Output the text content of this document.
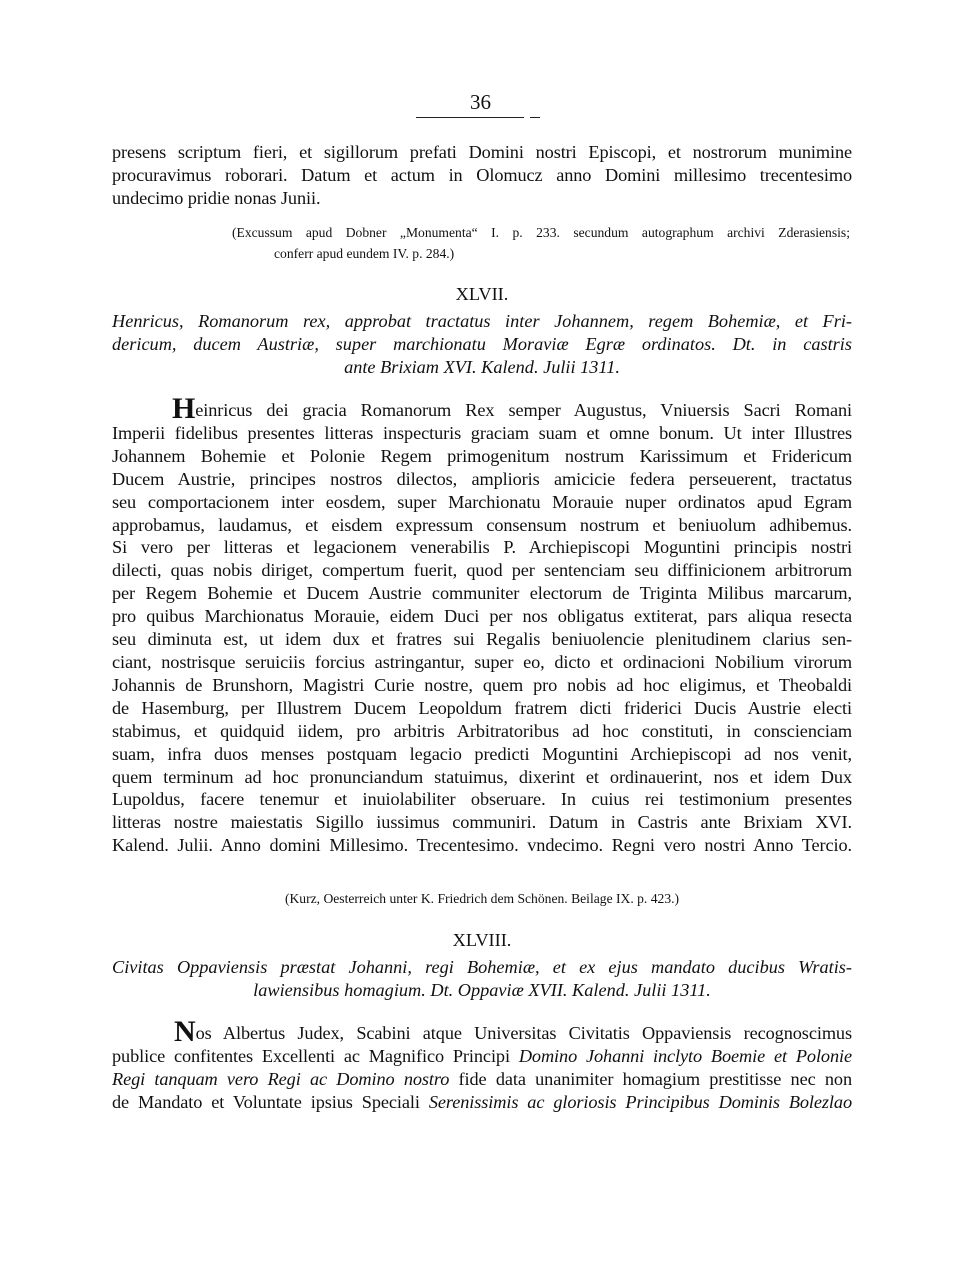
36
presens scriptum fieri, et sigillorum prefati Domini nostri Episcopi, et nostrorum munimine
procuravimus roborari. Datum et actum in Olomucz anno Domini millesimo trecentesimo
undecimo pridie nonas Junii.
(Excussum apud Dobner „Monumenta“ I. p. 233. secundum autographum archivi Zderasiensis;
conferr apud eundem IV. p. 284.)
XLVII.
Henricus, Romanorum rex, approbat tractatus inter Johannem, regem Bohemiæ, et Fri-
dericum, ducem Austriæ, super marchionatu Moraviæ Egræ ordinatos. Dt. in castris
ante Brixiam XVI. Kalend. Julii 1311.
Heinricus dei gracia Romanorum Rex semper Augustus, Vniuersis Sacri Romani
Imperii fidelibus presentes litteras inspecturis graciam suam et omne bonum. Ut inter Illustres
Johannem Bohemie et Polonie Regem primogenitum nostrum Karissimum et Fridericum
Ducem Austrie, principes nostros dilectos, amplioris amicicie federa perseuerent, tractatus
seu comportacionem inter eosdem, super Marchionatu Morauie nuper ordinatos apud Egram
approbamus, laudamus, et eisdem expressum consensum nostrum et beniuolum adhibemus.
Si vero per litteras et legacionem venerabilis P. Archiepiscopi Moguntini principis nostri
dilecti, quas nobis diriget, compertum fuerit, quod per sentenciam seu diffinicionem arbitrorum
per Regem Bohemie et Ducem Austrie communiter electorum de Triginta Milibus marcarum,
pro quibus Marchionatus Morauie, eidem Duci per nos obligatus extiterat, pars aliqua resecta
seu diminuta est, ut idem dux et fratres sui Regalis beniuolencie plenitudinem clarius sen-
ciant, nostrisque seruiciis forcius astringantur, super eo, dicto et ordinacioni Nobilium virorum
Johannis de Brunshorn, Magistri Curie nostre, quem pro nobis ad hoc eligimus, et Theobaldi
de Hasemburg, per Illustrem Ducem Leopoldum fratrem dicti friderici Ducis Austrie electi
stabimus, et quidquid iidem, pro arbitris Arbitratoribus ad hoc constituti, in conscienciam
suam, infra duos menses postquam legacio predicti Moguntini Archiepiscopi ad nos venit,
quem terminum ad hoc pronunciandum statuimus, dixerint et ordinauerint, nos et idem Dux
Lupoldus, facere tenemur et inuiolabiliter obseruare. In cuius rei testimonium presentes
litteras nostre maiestatis Sigillo iussimus communiri. Datum in Castris ante Brixiam XVI.
Kalend. Julii. Anno domini Millesimo. Trecentesimo. vndecimo. Regni vero nostri Anno Tercio.
(Kurz, Oesterreich unter K. Friedrich dem Schönen. Beilage IX. p. 423.)
XLVIII.
Civitas Oppaviensis præstat Johanni, regi Bohemiæ, et ex ejus mandato ducibus Wratis-
lawiensibus homagium. Dt. Oppaviæ XVII. Kalend. Julii 1311.
Nos Albertus Judex, Scabini atque Universitas Civitatis Oppaviensis recognoscimus
publice confitentes Excellenti ac Magnifico Principi Domino Johanni inclyto Boemie et Polonie
Regi tanquam vero Regi ac Domino nostro fide data unanimiter homagium prestitisse nec non
de Mandato et Voluntate ipsius Speciali Serenissimis ac gloriosis Principibus Dominis Bolezlao
